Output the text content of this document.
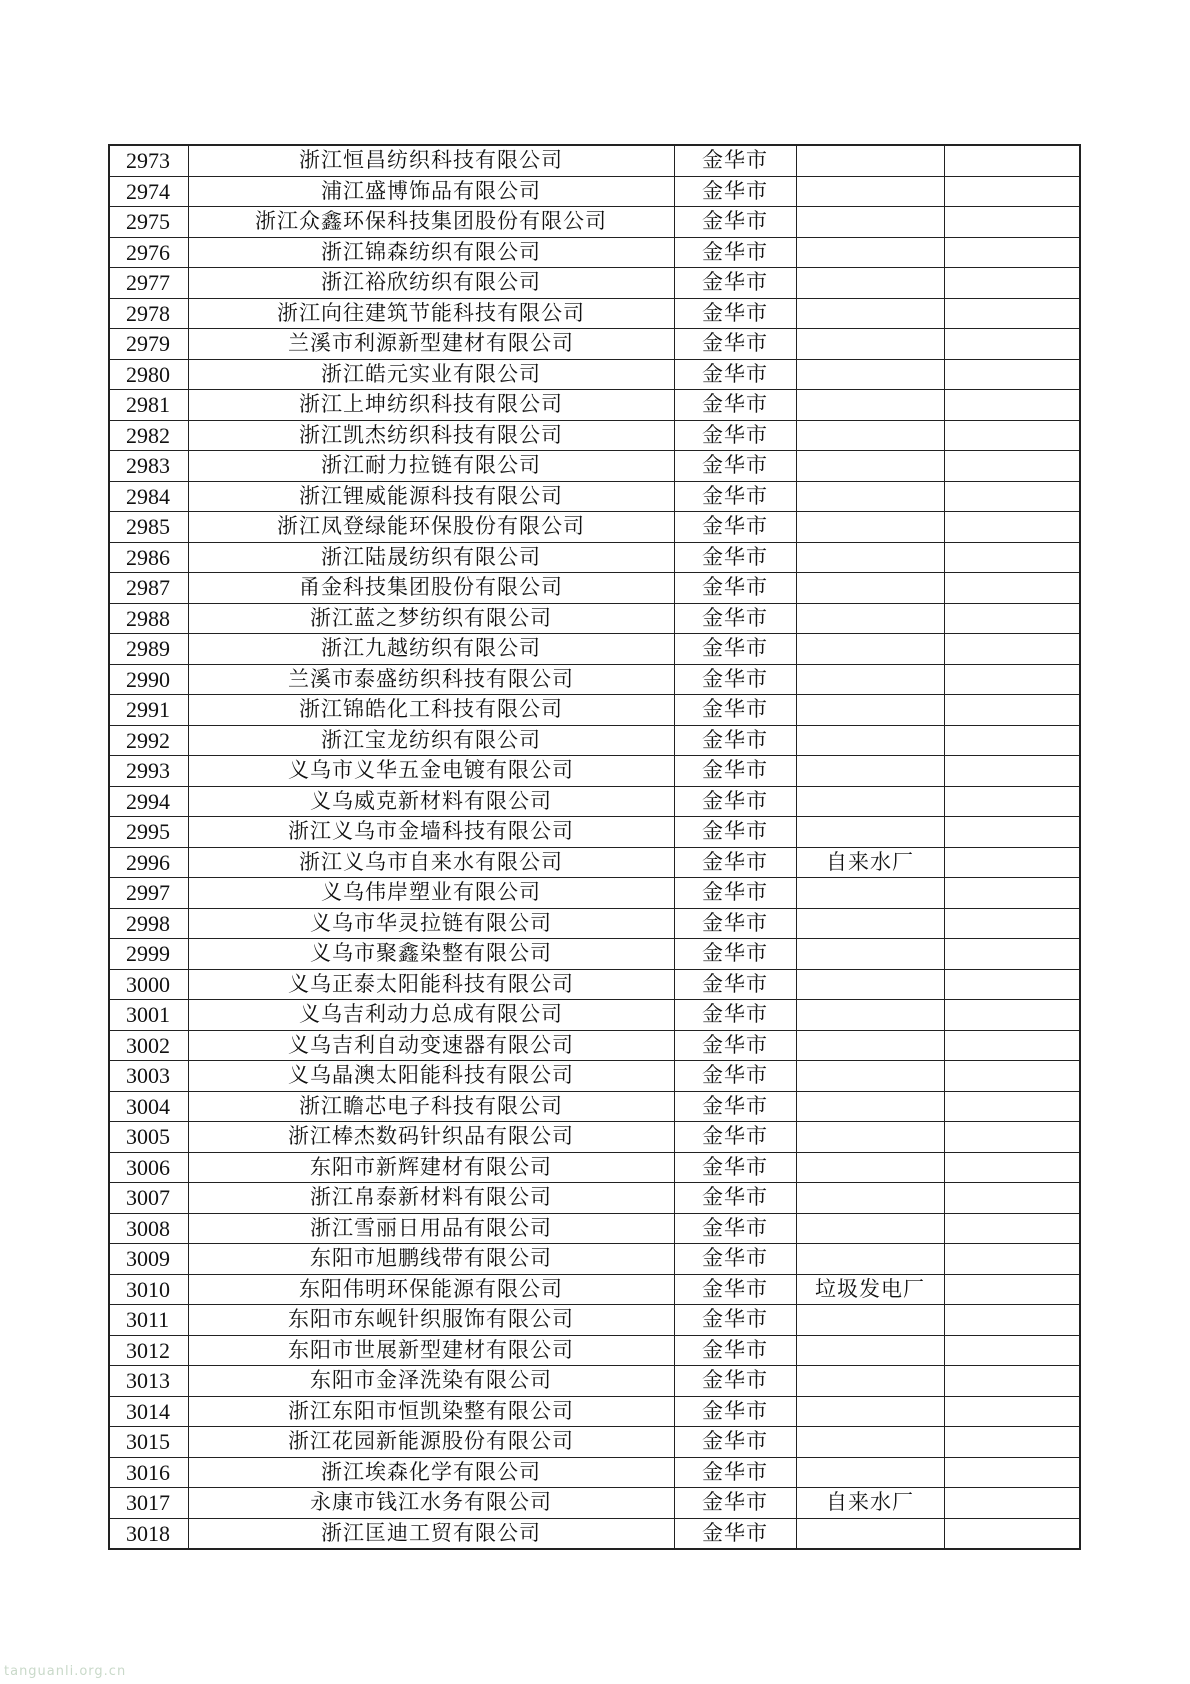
2973	浙江恒昌纺织科技有限公司	金华市		
2974	浦江盛博饰品有限公司	金华市		
2975	浙江众鑫环保科技集团股份有限公司	金华市		
2976	浙江锦森纺织有限公司	金华市		
2977	浙江裕欣纺织有限公司	金华市		
2978	浙江向往建筑节能科技有限公司	金华市		
2979	兰溪市利源新型建材有限公司	金华市		
2980	浙江皓元实业有限公司	金华市		
2981	浙江上坤纺织科技有限公司	金华市		
2982	浙江凯杰纺织科技有限公司	金华市		
2983	浙江耐力拉链有限公司	金华市		
2984	浙江锂威能源科技有限公司	金华市		
2985	浙江凤登绿能环保股份有限公司	金华市		
2986	浙江陆晟纺织有限公司	金华市		
2987	甬金科技集团股份有限公司	金华市		
2988	浙江蓝之梦纺织有限公司	金华市		
2989	浙江九越纺织有限公司	金华市		
2990	兰溪市泰盛纺织科技有限公司	金华市		
2991	浙江锦皓化工科技有限公司	金华市		
2992	浙江宝龙纺织有限公司	金华市		
2993	义乌市义华五金电镀有限公司	金华市		
2994	义乌威克新材料有限公司	金华市		
2995	浙江义乌市金墙科技有限公司	金华市		
2996	浙江义乌市自来水有限公司	金华市	自来水厂	
2997	义乌伟岸塑业有限公司	金华市		
2998	义乌市华灵拉链有限公司	金华市		
2999	义乌市聚鑫染整有限公司	金华市		
3000	义乌正泰太阳能科技有限公司	金华市		
3001	义乌吉利动力总成有限公司	金华市		
3002	义乌吉利自动变速器有限公司	金华市		
3003	义乌晶澳太阳能科技有限公司	金华市		
3004	浙江瞻芯电子科技有限公司	金华市		
3005	浙江棒杰数码针织品有限公司	金华市		
3006	东阳市新辉建材有限公司	金华市		
3007	浙江帛泰新材料有限公司	金华市		
3008	浙江雪丽日用品有限公司	金华市		
3009	东阳市旭鹏线带有限公司	金华市		
3010	东阳伟明环保能源有限公司	金华市	垃圾发电厂	
3011	东阳市东岘针织服饰有限公司	金华市		
3012	东阳市世展新型建材有限公司	金华市		
3013	东阳市金泽洗染有限公司	金华市		
3014	浙江东阳市恒凯染整有限公司	金华市		
3015	浙江花园新能源股份有限公司	金华市		
3016	浙江埃森化学有限公司	金华市		
3017	永康市钱江水务有限公司	金华市	自来水厂	
3018	浙江匡迪工贸有限公司	金华市		
tanguanli.org.cn
